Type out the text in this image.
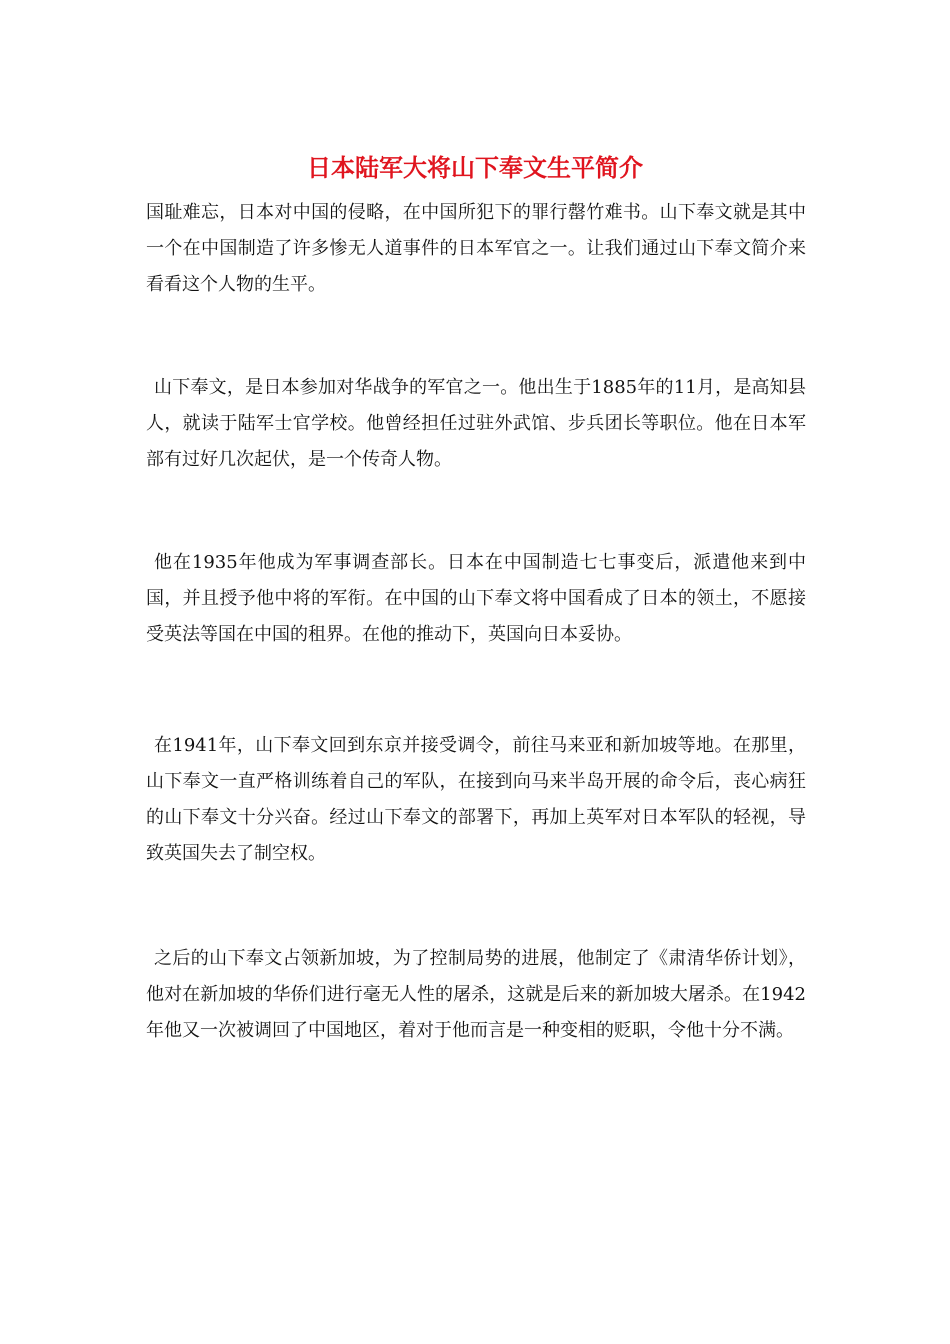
日本陆军大将山下奉文生平简介

国耻难忘，日本对中国的侵略，在中国所犯下的罪行罄竹难书。山下奉文就是其中一个在中国制造了许多惨无人道事件的日本军官之一。让我们通过山下奉文简介来看看这个人物的生平。

山下奉文，是日本参加对华战争的军官之一。他出生于1885年的11月，是高知县人，就读于陆军士官学校。他曾经担任过驻外武馆、步兵团长等职位。他在日本军部有过好几次起伏，是一个传奇人物。

他在1935年他成为军事调查部长。日本在中国制造七七事变后，派遣他来到中国，并且授予他中将的军衔。在中国的山下奉文将中国看成了日本的领土，不愿接受英法等国在中国的租界。在他的推动下，英国向日本妥协。

在1941年，山下奉文回到东京并接受调令，前往马来亚和新加坡等地。在那里，山下奉文一直严格训练着自己的军队，在接到向马来半岛开展的命令后，丧心病狂的山下奉文十分兴奋。经过山下奉文的部署下，再加上英军对日本军队的轻视，导致英国失去了制空权。

之后的山下奉文占领新加坡，为了控制局势的进展，他制定了《肃清华侨计划》，他对在新加坡的华侨们进行毫无人性的屠杀，这就是后来的新加坡大屠杀。在1942年他又一次被调回了中国地区，着对于他而言是一种变相的贬职，令他十分不满。
